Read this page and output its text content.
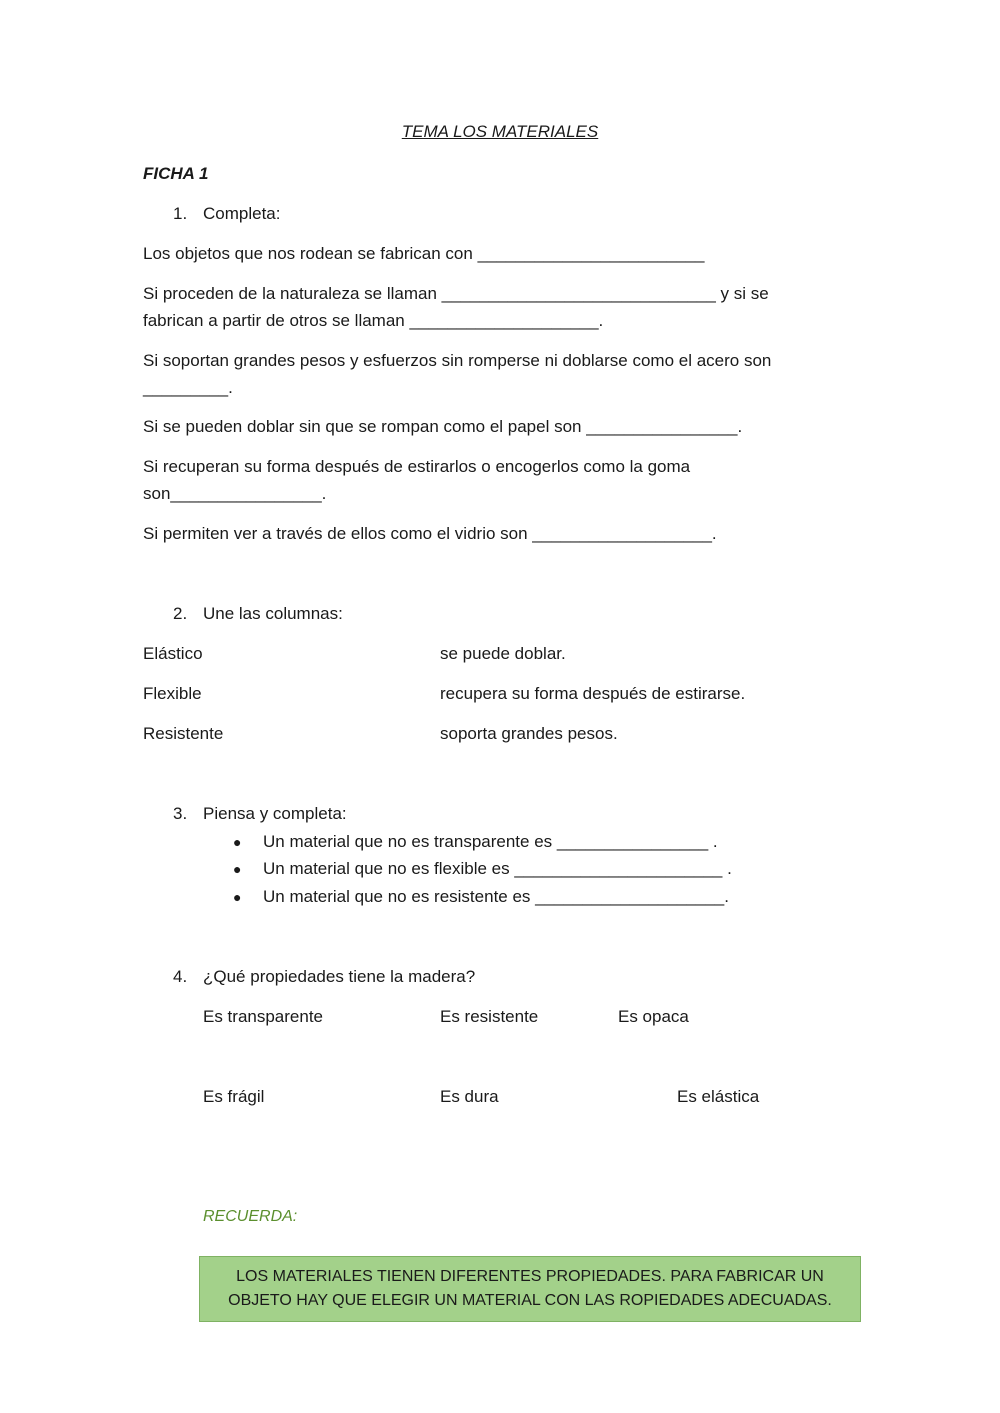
TEMA LOS MATERIALES
FICHA 1
1. Completa:
Los objetos que nos rodean se fabrican con ________________________
Si proceden de la naturaleza se llaman _____________________________ y si se
fabrican a partir de otros se llaman ____________________.
Si soportan grandes pesos y esfuerzos sin romperse ni doblarse como el acero son
_________.
Si se pueden doblar sin que se rompan como el papel son ________________.
Si recuperan su forma después de estirarlos o encogerlos como la goma
son________________.
Si permiten ver a través de ellos como el vidrio son ___________________.
2. Une las columnas:
Elástico	se puede doblar.
Flexible	recupera su forma después de estirarse.
Resistente	soporta grandes pesos.
3. Piensa y completa:
● Un material que no es transparente es ________________ .
● Un material que no es flexible es ______________________ .
● Un material que no es resistente es ____________________.
4. ¿Qué propiedades tiene la madera?
Es transparente	Es resistente	Es opaca
Es frágil	Es dura	Es elástica
RECUERDA:
LOS MATERIALES TIENEN DIFERENTES PROPIEDADES. PARA FABRICAR UN OBJETO HAY QUE ELEGIR UN MATERIAL CON LAS ROPIEDADES ADECUADAS.
